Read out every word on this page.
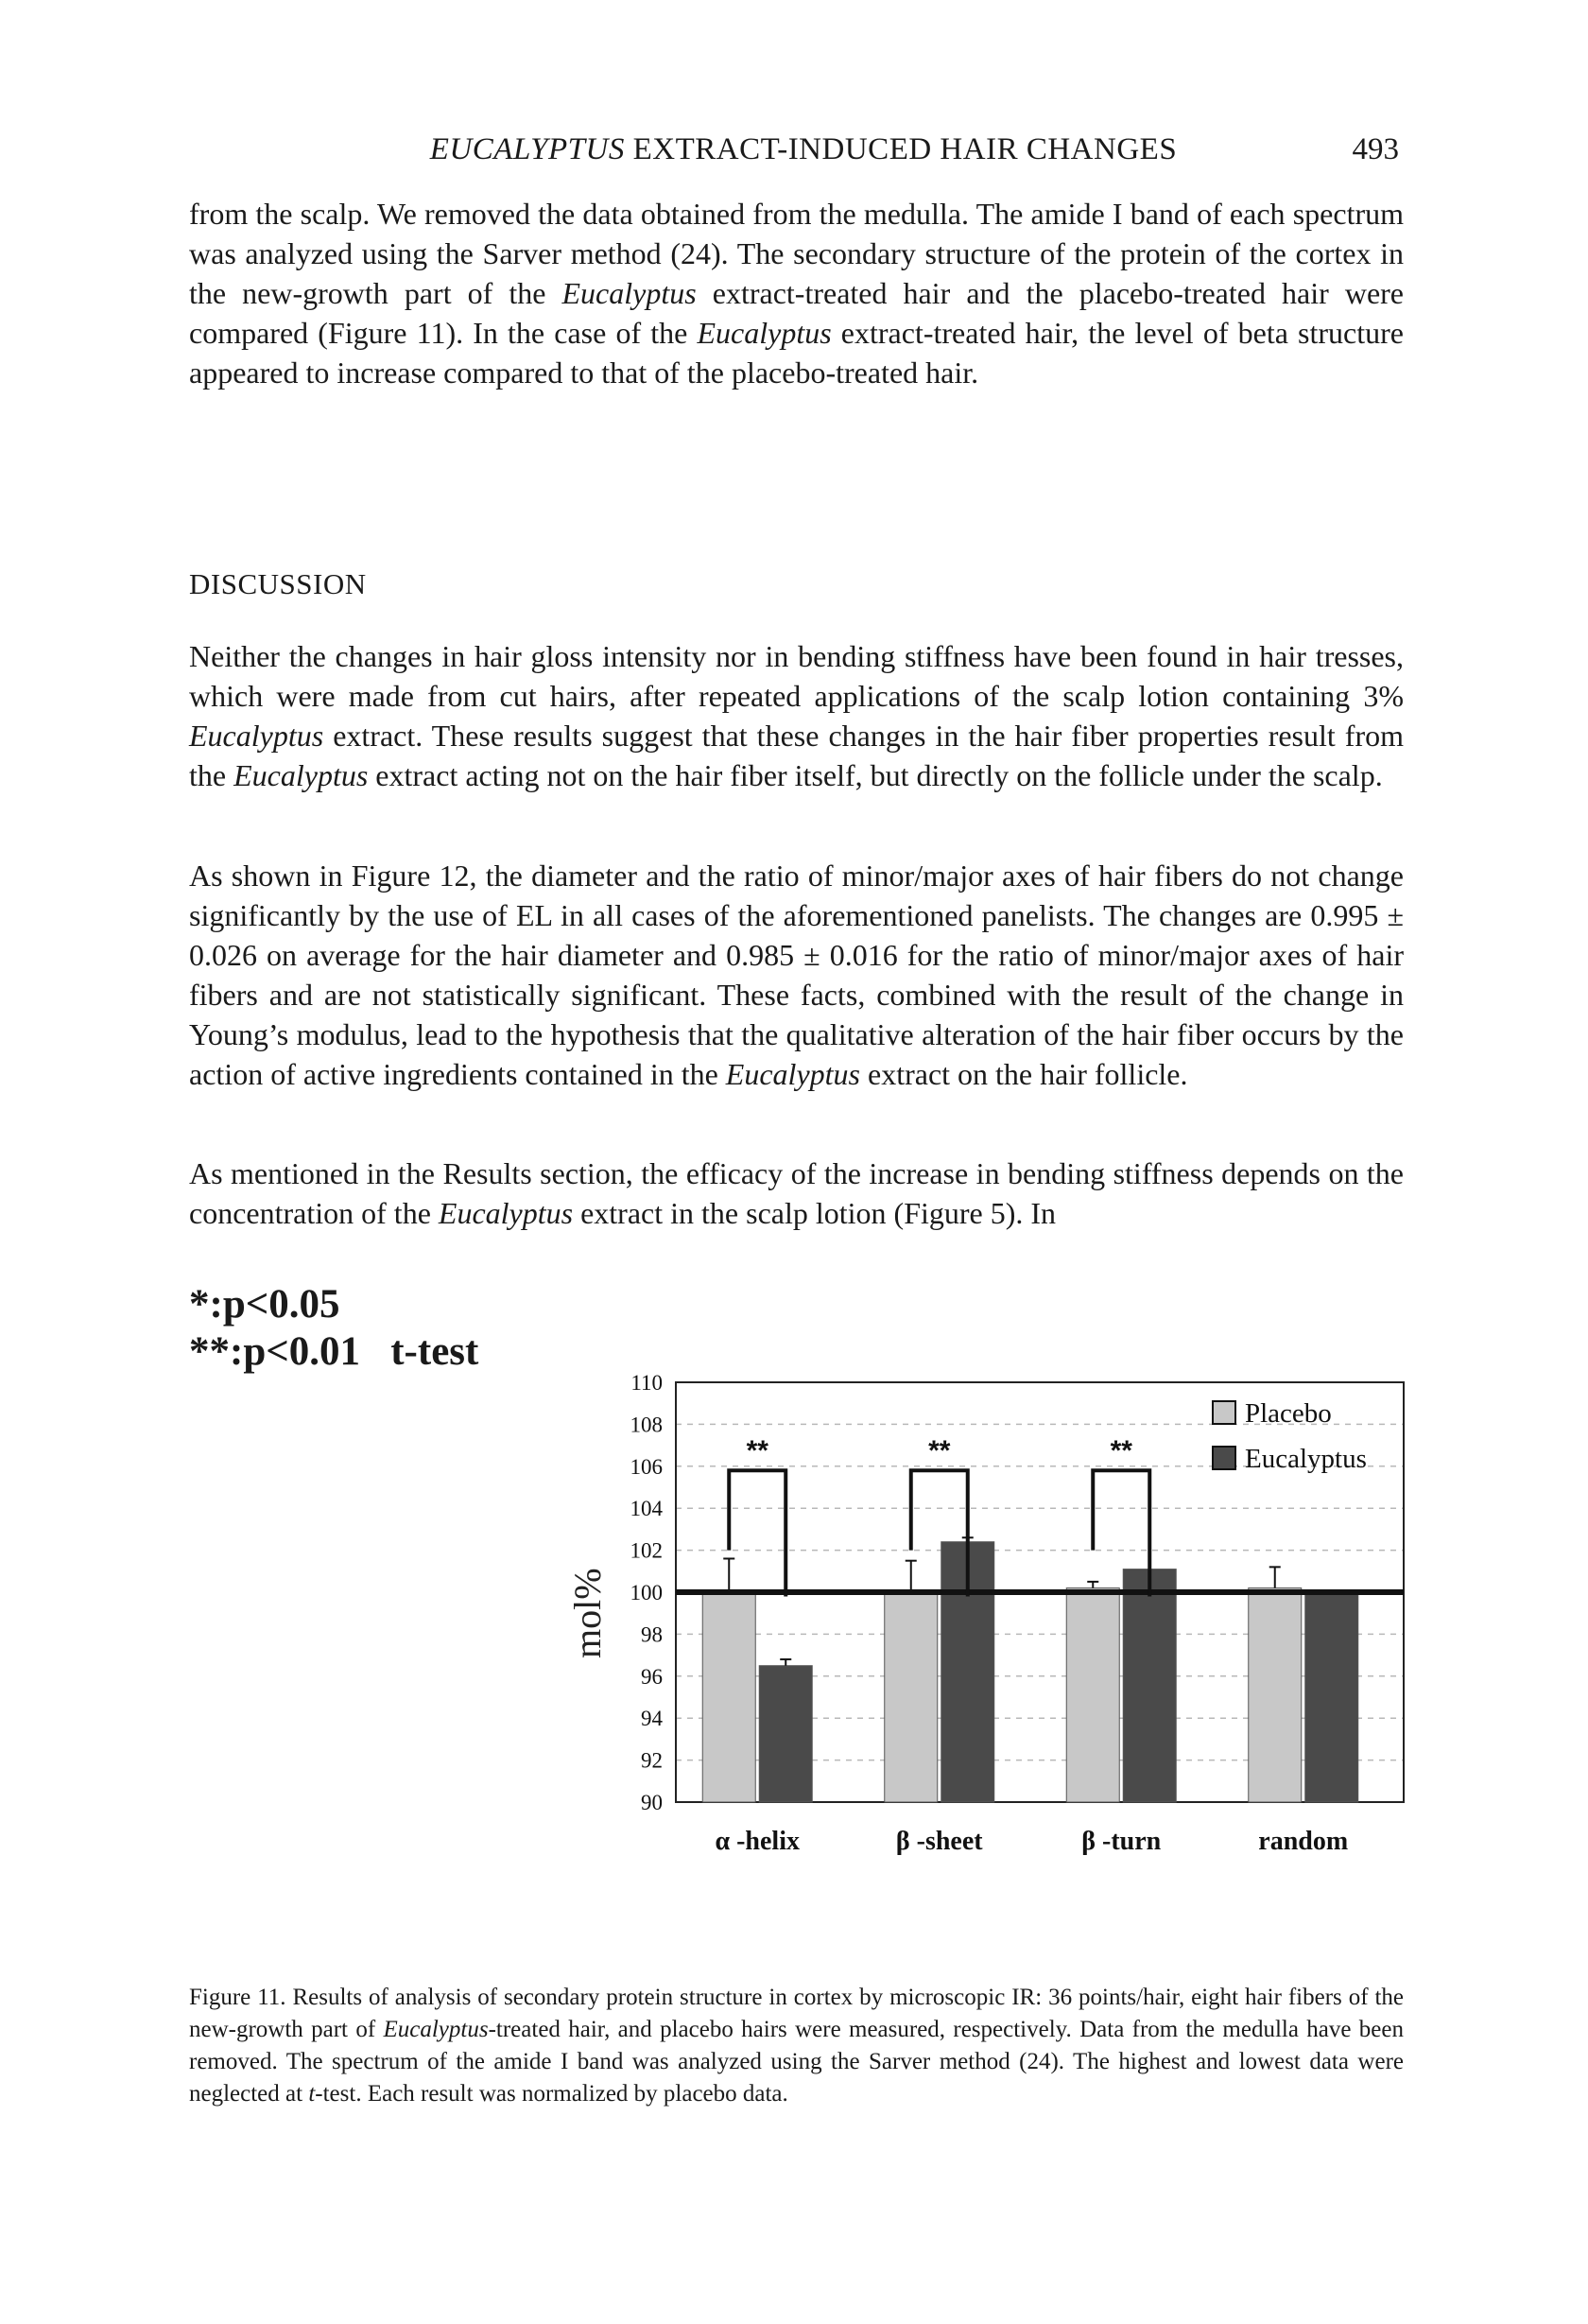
EUCALYPTUS EXTRACT-INDUCED HAIR CHANGES	493

from the scalp. We removed the data obtained from the medulla. The amide I band of each spectrum was analyzed using the Sarver method (24). The secondary structure of the protein of the cortex in the new-growth part of the Eucalyptus extract-treated hair and the placebo-treated hair were compared (Figure 11). In the case of the Eucalyptus extract-treated hair, the level of beta structure appeared to increase compared to that of the placebo-treated hair.

DISCUSSION

Neither the changes in hair gloss intensity nor in bending stiffness have been found in hair tresses, which were made from cut hairs, after repeated applications of the scalp lotion containing 3% Eucalyptus extract. These results suggest that these changes in the hair fiber properties result from the Eucalyptus extract acting not on the hair fiber itself, but directly on the follicle under the scalp.

As shown in Figure 12, the diameter and the ratio of minor/major axes of hair fibers do not change significantly by the use of EL in all cases of the aforementioned panelists. The changes are 0.995 ± 0.026 on average for the hair diameter and 0.985 ± 0.016 for the ratio of minor/major axes of hair fibers and are not statistically significant. These facts, combined with the result of the change in Young’s modulus, lead to the hypothesis that the qualitative alteration of the hair fiber occurs by the action of active ingredients contained in the Eucalyptus extract on the hair follicle.

As mentioned in the Results section, the efficacy of the increase in bending stiffness depends on the concentration of the Eucalyptus extract in the scalp lotion (Figure 5). In

*:p<0.05
**:p<0.01   t-test
90
92
94
96
98
100
102
104
106
108
110
mol%
α -helix	β -sheet	β -turn	random
**	**	**
Placebo
Eucalyptus
Figure 11. Results of analysis of secondary protein structure in cortex by microscopic IR: 36 points/hair, eight hair fibers of the new-growth part of Eucalyptus-treated hair, and placebo hairs were measured, respectively. Data from the medulla have been removed. The spectrum of the amide I band was analyzed using the Sarver method (24). The highest and lowest data were neglected at t-test. Each result was normalized by placebo data.
